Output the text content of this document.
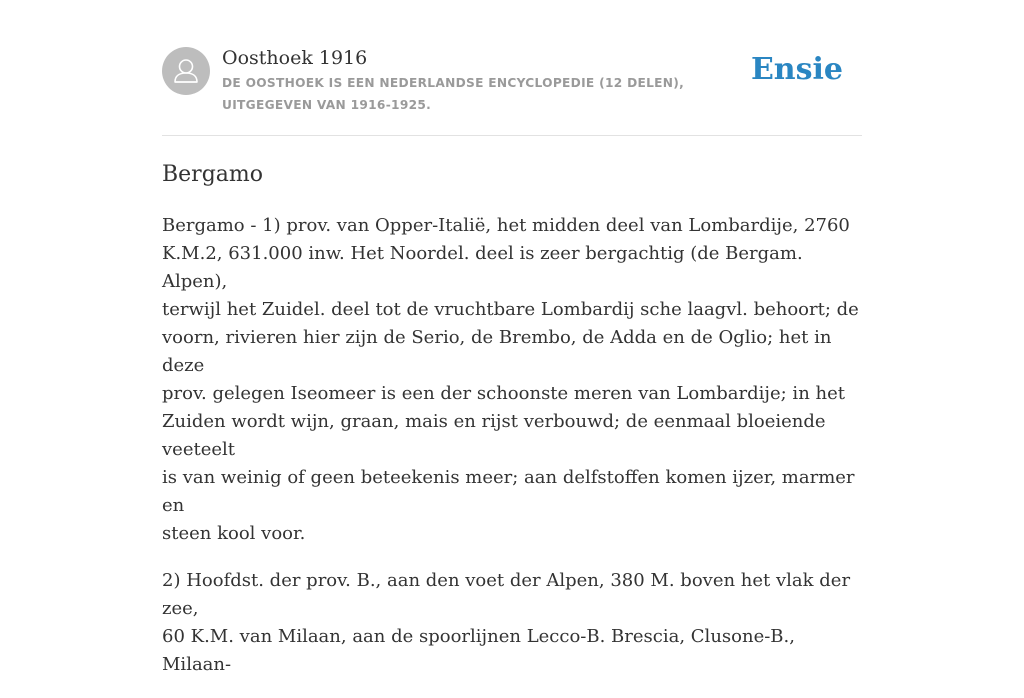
Oosthoek 1916
DE OOSTHOEK IS EEN NEDERLANDSE ENCYCLOPEDIE (12 DELEN), UITGEGEVEN VAN 1916-1925.
Ensie
Bergamo

Bergamo - 1) prov. van Opper-Italië, het midden deel van Lombardije, 2760
K.M.2, 631.000 inw. Het Noordel. deel is zeer bergachtig (de Bergam. Alpen),
terwijl het Zuidel. deel tot de vruchtbare Lombardij sche laagvl. behoort; de
voorn, rivieren hier zijn de Serio, de Brembo, de Adda en de Oglio; het in deze
prov. gelegen Iseomeer is een der schoonste meren van Lombardije; in het
Zuiden wordt wijn, graan, mais en rijst verbouwd; de eenmaal bloeiende veeteelt
is van weinig of geen beteekenis meer; aan delfstoffen komen ijzer, marmer en
steen kool voor.

2) Hoofdst. der prov. B., aan den voet der Alpen, 380 M. boven het vlak der zee,
60 K.M. van Milaan, aan de spoorlijnen Lecco-B. Brescia, Clusone-B., Milaan-
